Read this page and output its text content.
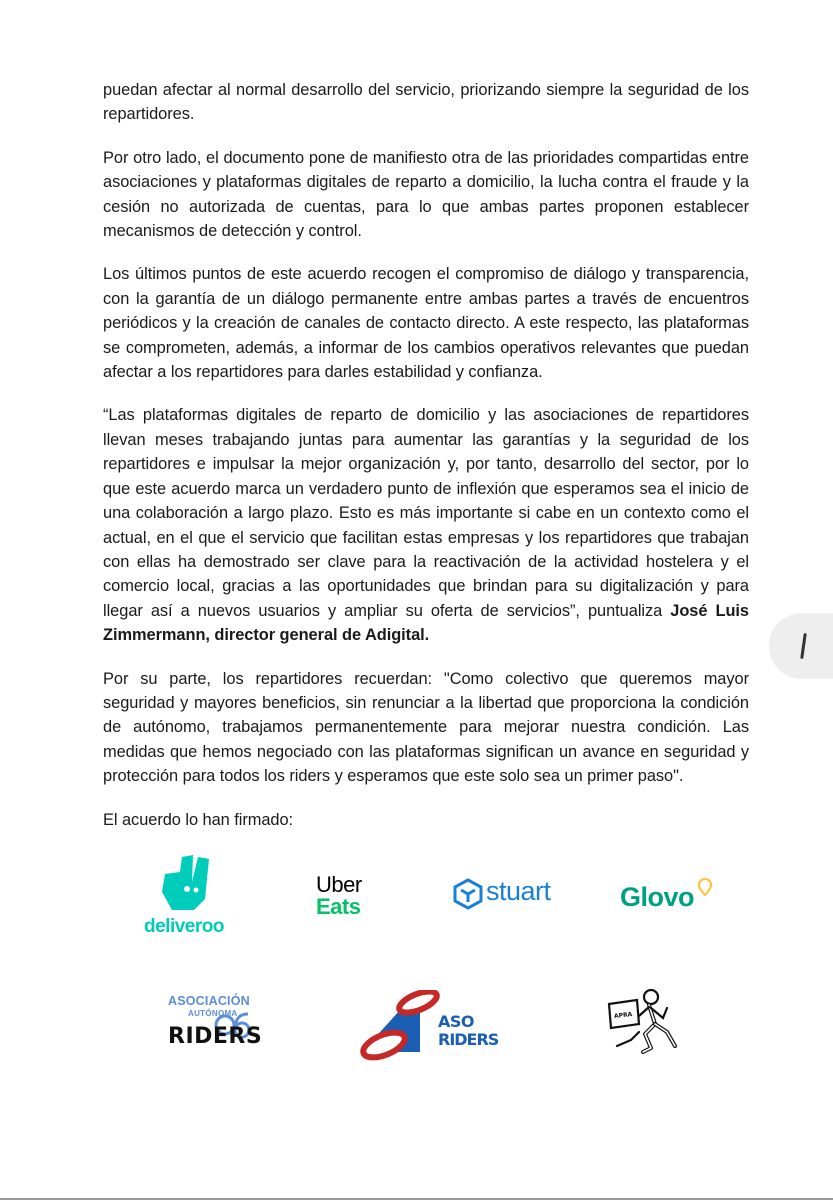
puedan afectar al normal desarrollo del servicio, priorizando siempre la seguridad de los repartidores.

Por otro lado, el documento pone de manifiesto otra de las prioridades compartidas entre asociaciones y plataformas digitales de reparto a domicilio, la lucha contra el fraude y la cesión no autorizada de cuentas, para lo que ambas partes proponen establecer mecanismos de detección y control.

Los últimos puntos de este acuerdo recogen el compromiso de diálogo y transparencia, con la garantía de un diálogo permanente entre ambas partes a través de encuentros periódicos y la creación de canales de contacto directo. A este respecto, las plataformas se comprometen, además, a informar de los cambios operativos relevantes que puedan afectar a los repartidores para darles estabilidad y confianza.

“Las plataformas digitales de reparto de domicilio y las asociaciones de repartidores llevan meses trabajando juntas para aumentar las garantías y la seguridad de los repartidores e impulsar la mejor organización y, por tanto, desarrollo del sector, por lo que este acuerdo marca un verdadero punto de inflexión que esperamos sea el inicio de una colaboración a largo plazo. Esto es más importante si cabe en un contexto como el actual, en el que el servicio que facilitan estas empresas y los repartidores que trabajan con ellas ha demostrado ser clave para la reactivación de la actividad hostelera y el comercio local, gracias a las oportunidades que brindan para su digitalización y para llegar así a nuevos usuarios y ampliar su oferta de servicios”, puntualiza José Luis Zimmermann, director general de Adigital.

Por su parte, los repartidores recuerdan: "Como colectivo que queremos mayor seguridad y mayores beneficios, sin renunciar a la libertad que proporciona la condición de autónomo, trabajamos permanentemente para mejorar nuestra condición. Las medidas que hemos negociado con las plataformas significan un avance en seguridad y protección para todos los riders y esperamos que este solo sea un primer paso".

El acuerdo lo han firmado:

deliveroo
Uber
Eats
stuart	Glovo
ASOCIACIÓN
AUTÓNOMA
RIDERS
ASO
RIDERS
APRA
